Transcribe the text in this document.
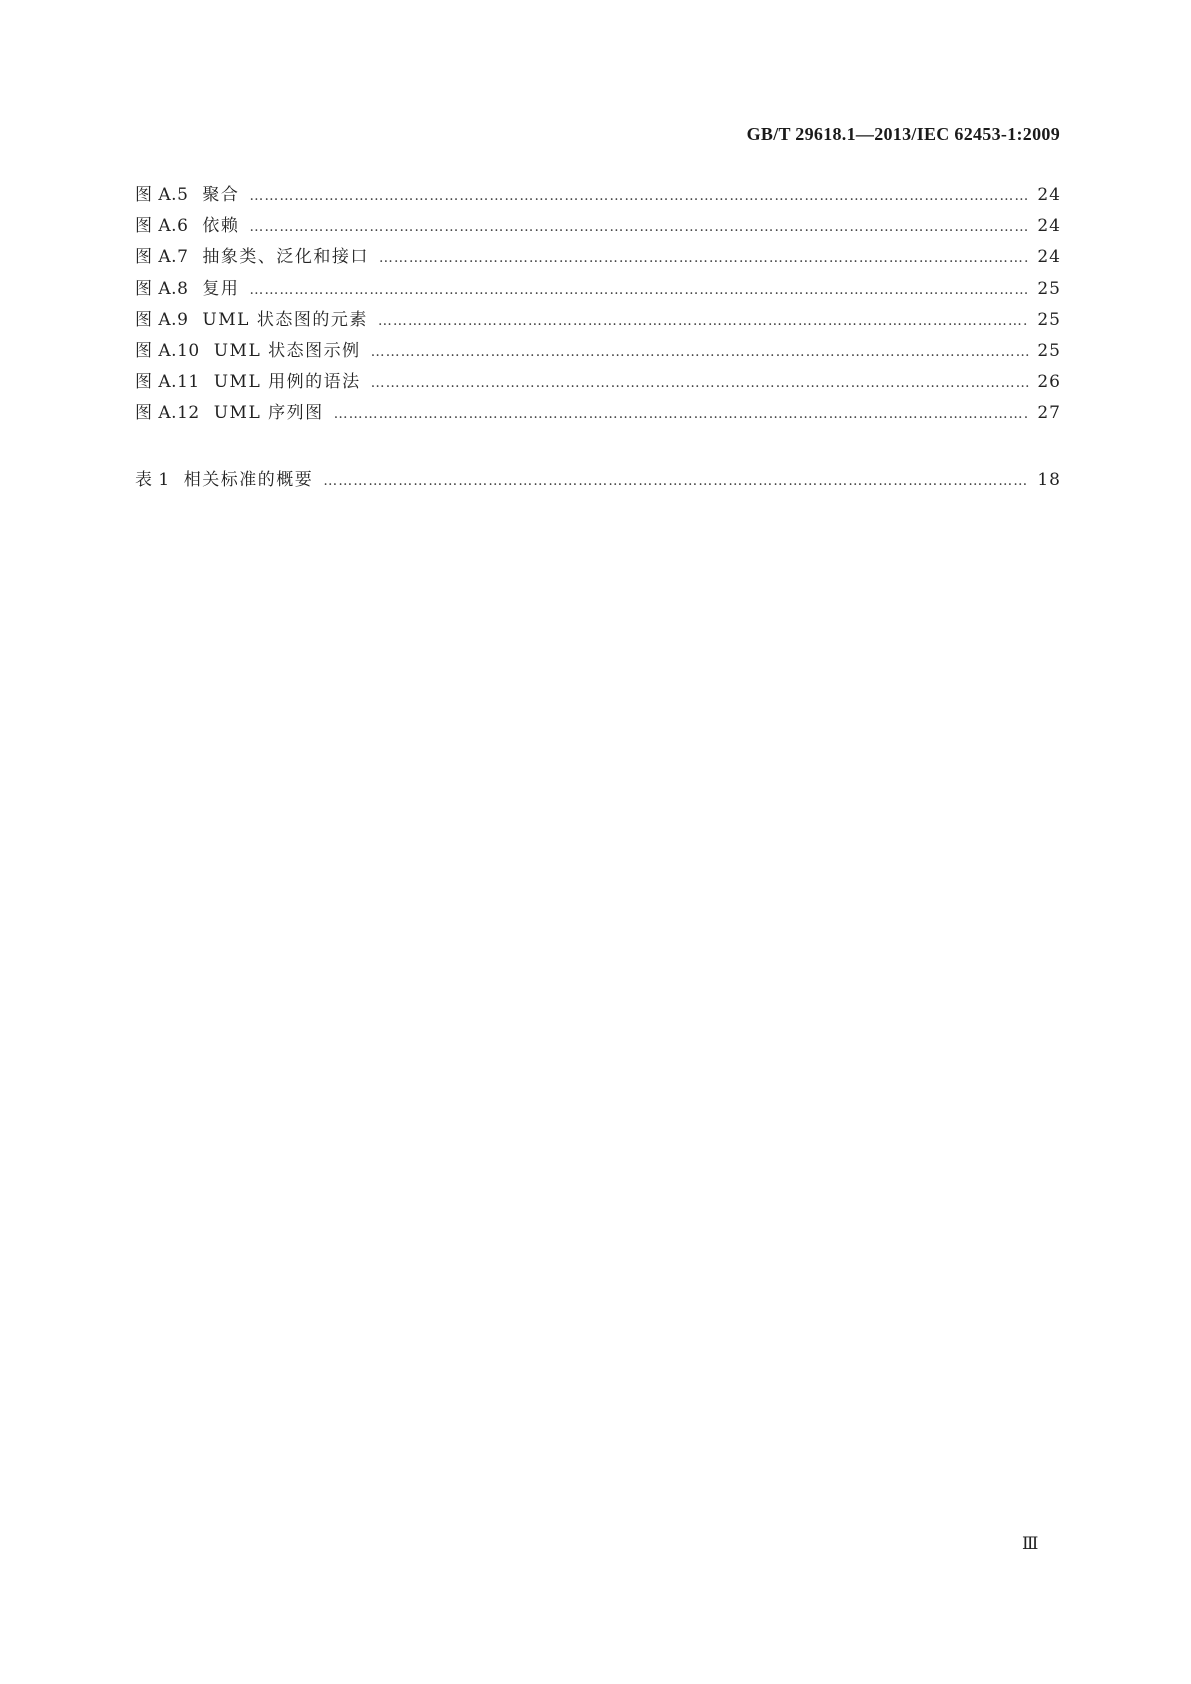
GB/T 29618.1—2013/IEC 62453-1:2009
图 A.5 聚合 ……………………………………………………………………………………………………………………………………………………………………………………………………………	24
图 A.6 依赖 ……………………………………………………………………………………………………………………………………………………………………………………………………………	24
图 A.7 抽象类、泛化和接口 ……………………………………………………………………………………………………………………………………………………………………………………………………………	24
图 A.8 复用 ……………………………………………………………………………………………………………………………………………………………………………………………………………	25
图 A.9 UML 状态图的元素 ……………………………………………………………………………………………………………………………………………………………………………………………………………	25
图 A.10 UML 状态图示例 ……………………………………………………………………………………………………………………………………………………………………………………………………………	25
图 A.11 UML 用例的语法 ……………………………………………………………………………………………………………………………………………………………………………………………………………	26
图 A.12 UML 序列图 ……………………………………………………………………………………………………………………………………………………………………………………………………………	27
表 1 相关标准的概要 ……………………………………………………………………………………………………………………………………………………………………………………………………………	18
Ⅲ
